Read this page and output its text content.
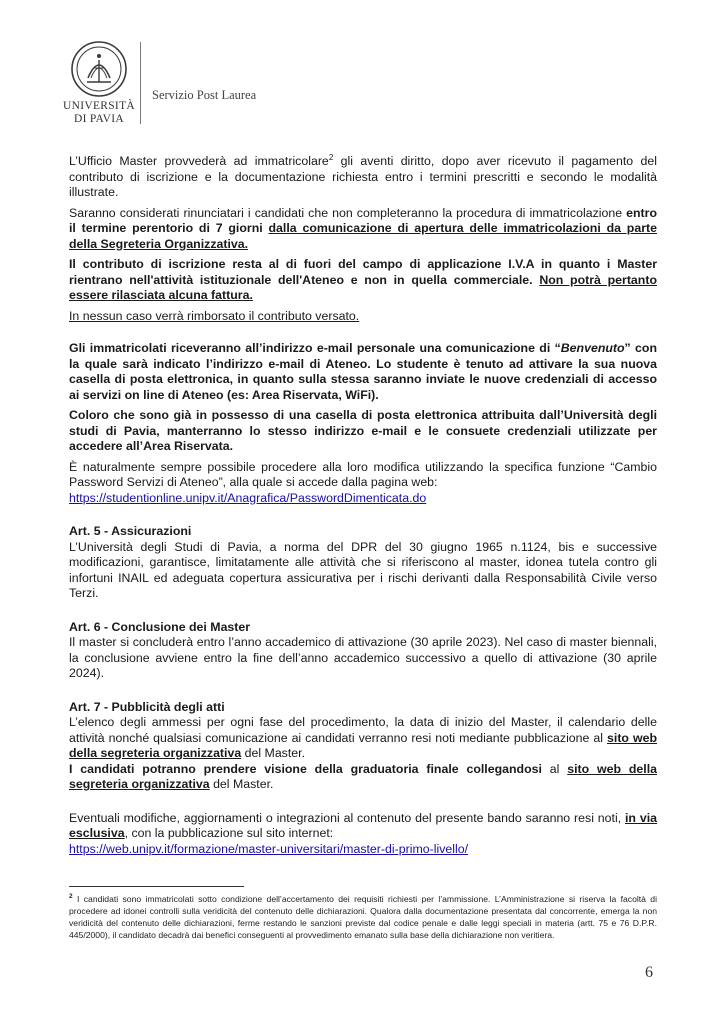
UNIVERSITÀ
DI PAVIA
Servizio Post Laurea

L’Ufficio Master provvederà ad immatricolare$^2$ gli aventi diritto, dopo aver ricevuto il pagamento del contributo di iscrizione e la documentazione richiesta entro i termini prescritti e secondo le modalità illustrate.

Saranno considerati rinunciatari i candidati che non completeranno la procedura di immatricolazione entro il termine perentorio di 7 giorni dalla comunicazione di apertura delle immatricolazioni da parte della Segreteria Organizzativa.

Il contributo di iscrizione resta al di fuori del campo di applicazione I.V.A in quanto i Master rientrano nell'attività istituzionale dell'Ateneo e non in quella commerciale. Non potrà pertanto essere rilasciata alcuna fattura.

In nessun caso verrà rimborsato il contributo versato.

Gli immatricolati riceveranno all’indirizzo e-mail personale una comunicazione di “Benvenuto” con la quale sarà indicato l’indirizzo e-mail di Ateneo. Lo studente è tenuto ad attivare la sua nuova casella di posta elettronica, in quanto sulla stessa saranno inviate le nuove credenziali di accesso ai servizi on line di Ateneo (es: Area Riservata, WiFi).

Coloro che sono già in possesso di una casella di posta elettronica attribuita dall’Università degli studi di Pavia, manterranno lo stesso indirizzo e-mail e le consuete credenziali utilizzate per accedere all’Area Riservata.

È naturalmente sempre possibile procedere alla loro modifica utilizzando la specifica funzione “Cambio Password Servizi di Ateneo”, alla quale si accede dalla pagina web:
https://studentionline.unipv.it/Anagrafica/PasswordDimenticata.do

Art. 5 - Assicurazioni

L’Università degli Studi di Pavia, a norma del DPR del 30 giugno 1965 n.1124, bis e successive modificazioni, garantisce, limitatamente alle attività che si riferiscono al master, idonea tutela contro gli infortuni INAIL ed adeguata copertura assicurativa per i rischi derivanti dalla Responsabilità Civile verso Terzi.

Art. 6 - Conclusione dei Master

Il master si concluderà entro l’anno accademico di attivazione (30 aprile 2023). Nel caso di master biennali, la conclusione avviene entro la fine dell’anno accademico successivo a quello di attivazione (30 aprile 2024).

Art. 7 - Pubblicità degli atti

L’elenco degli ammessi per ogni fase del procedimento, la data di inizio del Master, il calendario delle attività nonché qualsiasi comunicazione ai candidati verranno resi noti mediante pubblicazione al sito web della segreteria organizzativa del Master.
I candidati potranno prendere visione della graduatoria finale collegandosi al sito web della segreteria organizzativa del Master.

Eventuali modifiche, aggiornamenti o integrazioni al contenuto del presente bando saranno resi noti, in via esclusiva, con la pubblicazione sul sito internet:
https://web.unipv.it/formazione/master-universitari/master-di-primo-livello/

$^2$ I candidati sono immatricolati sotto condizione dell’accertamento dei requisiti richiesti per l’ammissione. L’Amministrazione si riserva la facoltà di procedere ad idonei controlli sulla veridicità del contenuto delle dichiarazioni. Qualora dalla documentazione presentata dal concorrente, emerga la non veridicità del contenuto delle dichiarazioni, ferme restando le sanzioni previste dal codice penale e dalle leggi speciali in materia (artt. 75 e 76 D.P.R. 445/2000), il candidato decadrà dai benefici conseguenti al provvedimento emanato sulla base della dichiarazione non veritiera.
6
